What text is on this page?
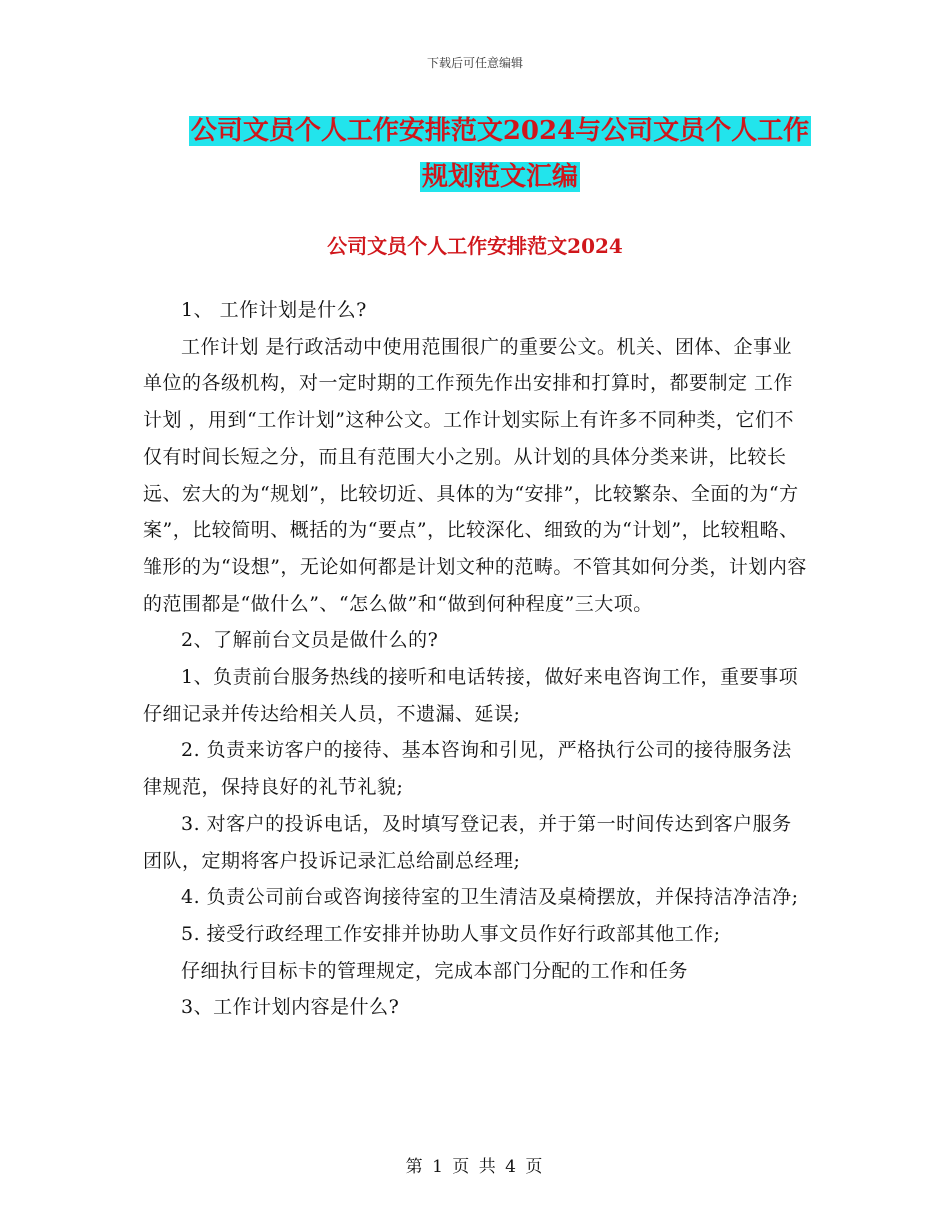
下载后可任意编辑
公司文员个人工作安排范文2024与公司文员个人工作
规划范文汇编
公司文员个人工作安排范文2024

1、 工作计划是什么?

工作计划 是行政活动中使用范围很广的重要公文。机关、团体、企事业单位的各级机构，对一定时期的工作预先作出安排和打算时，都要制定 工作计划 ，用到“工作计划”这种公文。工作计划实际上有许多不同种类，它们不仅有时间长短之分，而且有范围大小之别。从计划的具体分类来讲，比较长远、宏大的为“规划”，比较切近、具体的为“安排”，比较繁杂、全面的为“方案”，比较简明、概括的为“要点”，比较深化、细致的为“计划”，比较粗略、雏形的为“设想”，无论如何都是计划文种的范畴。不管其如何分类，计划内容的范围都是“做什么”、“怎么做”和“做到何种程度”三大项。

2、了解前台文员是做什么的?

1、负责前台服务热线的接听和电话转接，做好来电咨询工作，重要事项仔细记录并传达给相关人员，不遗漏、延误;

2. 负责来访客户的接待、基本咨询和引见，严格执行公司的接待服务法律规范，保持良好的礼节礼貌;

3. 对客户的投诉电话，及时填写登记表，并于第一时间传达到客户服务团队，定期将客户投诉记录汇总给副总经理;

4. 负责公司前台或咨询接待室的卫生清洁及桌椅摆放，并保持洁净洁净;

5. 接受行政经理工作安排并协助人事文员作好行政部其他工作;

仔细执行目标卡的管理规定，完成本部门分配的工作和任务

3、工作计划内容是什么?

第 1 页 共 4 页
